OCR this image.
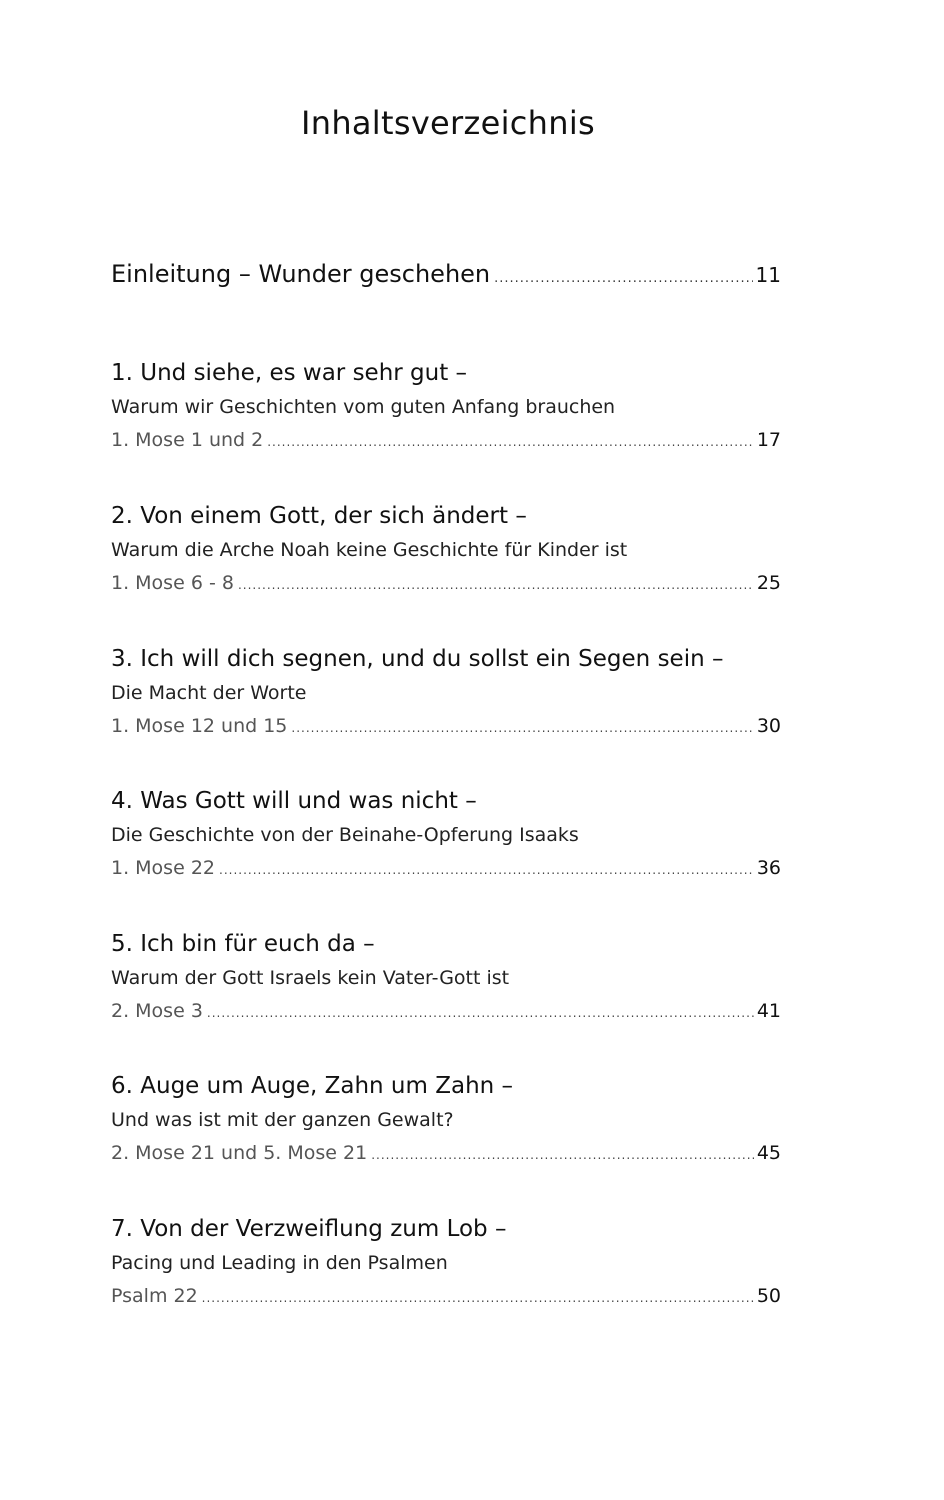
Inhaltsverzeichnis
Einleitung – Wunder geschehen .....	11
1. Und siehe, es war sehr gut –
Warum wir Geschichten vom guten Anfang brauchen
1. Mose 1 und 2 .....	17
2. Von einem Gott, der sich ändert –
Warum die Arche Noah keine Geschichte für Kinder ist
1. Mose 6 - 8 .....	25
3. Ich will dich segnen, und du sollst ein Segen sein –
Die Macht der Worte
1. Mose 12 und 15 .....	30
4. Was Gott will und was nicht –
Die Geschichte von der Beinahe-Opferung Isaaks
1. Mose 22 .....	36
5. Ich bin für euch da –
Warum der Gott Israels kein Vater-Gott ist
2. Mose 3 .....	41
6. Auge um Auge, Zahn um Zahn –
Und was ist mit der ganzen Gewalt?
2. Mose 21 und 5. Mose 21 .....	45
7. Von der Verzweiflung zum Lob –
Pacing und Leading in den Psalmen
Psalm 22 .....	50
